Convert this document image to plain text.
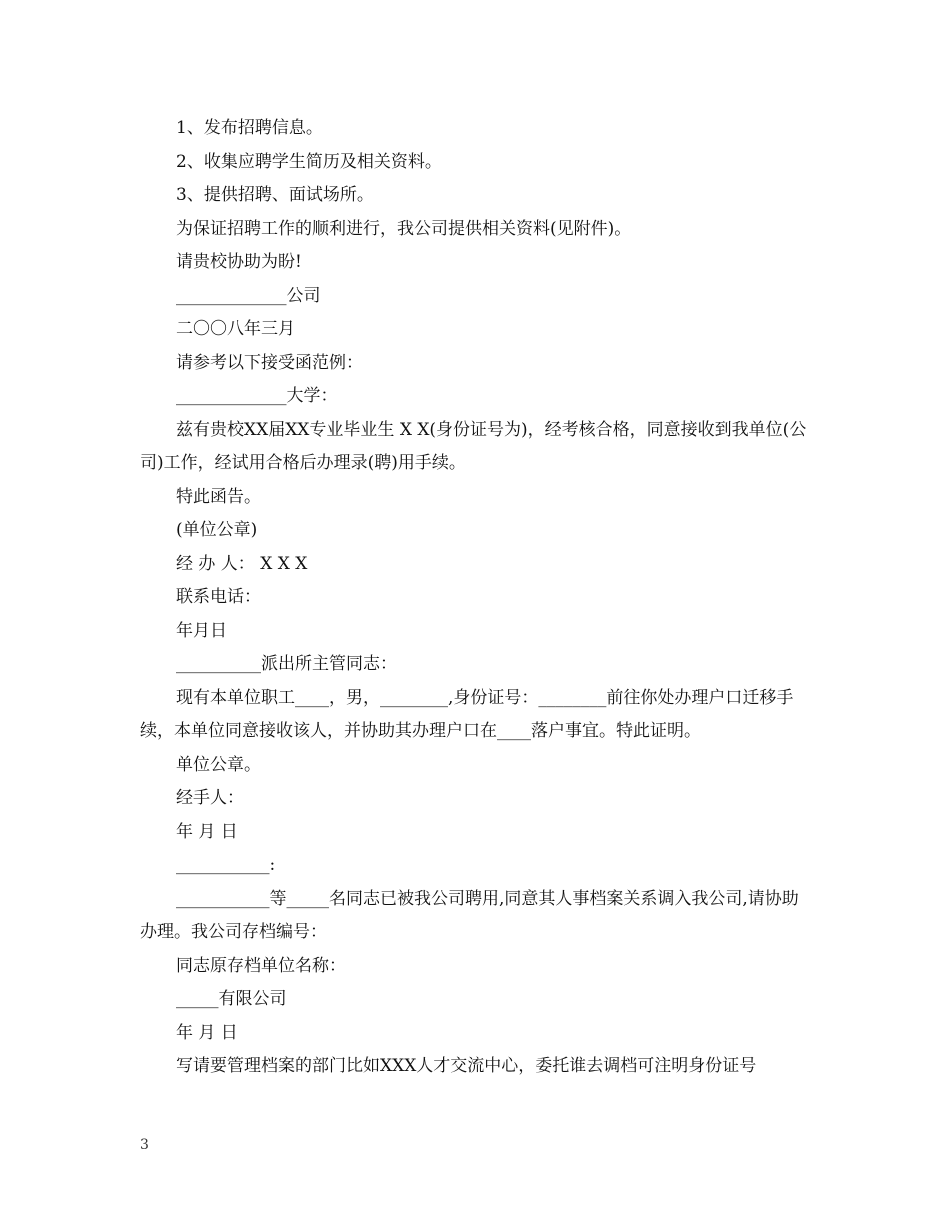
1、发布招聘信息。

2、收集应聘学生简历及相关资料。

3、提供招聘、面试场所。

为保证招聘工作的顺利进行，我公司提供相关资料(见附件)。

请贵校协助为盼!

_____________公司

二〇〇八年三月

请参考以下接受函范例：

_____________大学：

兹有贵校XX届XX专业毕业生 X X(身份证号为)，经考核合格，同意接收到我单位(公司)工作，经试用合格后办理录(聘)用手续。

特此函告。

(单位公章)

经 办 人： X X X

联系电话：

年月日

__________派出所主管同志：

现有本单位职工____，男，________,身份证号：________前往你处办理户口迁移手续，本单位同意接收该人，并协助其办理户口在____落户事宜。特此证明。

单位公章。

经手人：

年 月 日

___________:

___________等_____名同志已被我公司聘用,同意其人事档案关系调入我公司,请协助办理。我公司存档编号：

同志原存档单位名称：

_____有限公司

年 月 日

写请要管理档案的部门比如XXX人才交流中心，委托谁去调档可注明身份证号

3
